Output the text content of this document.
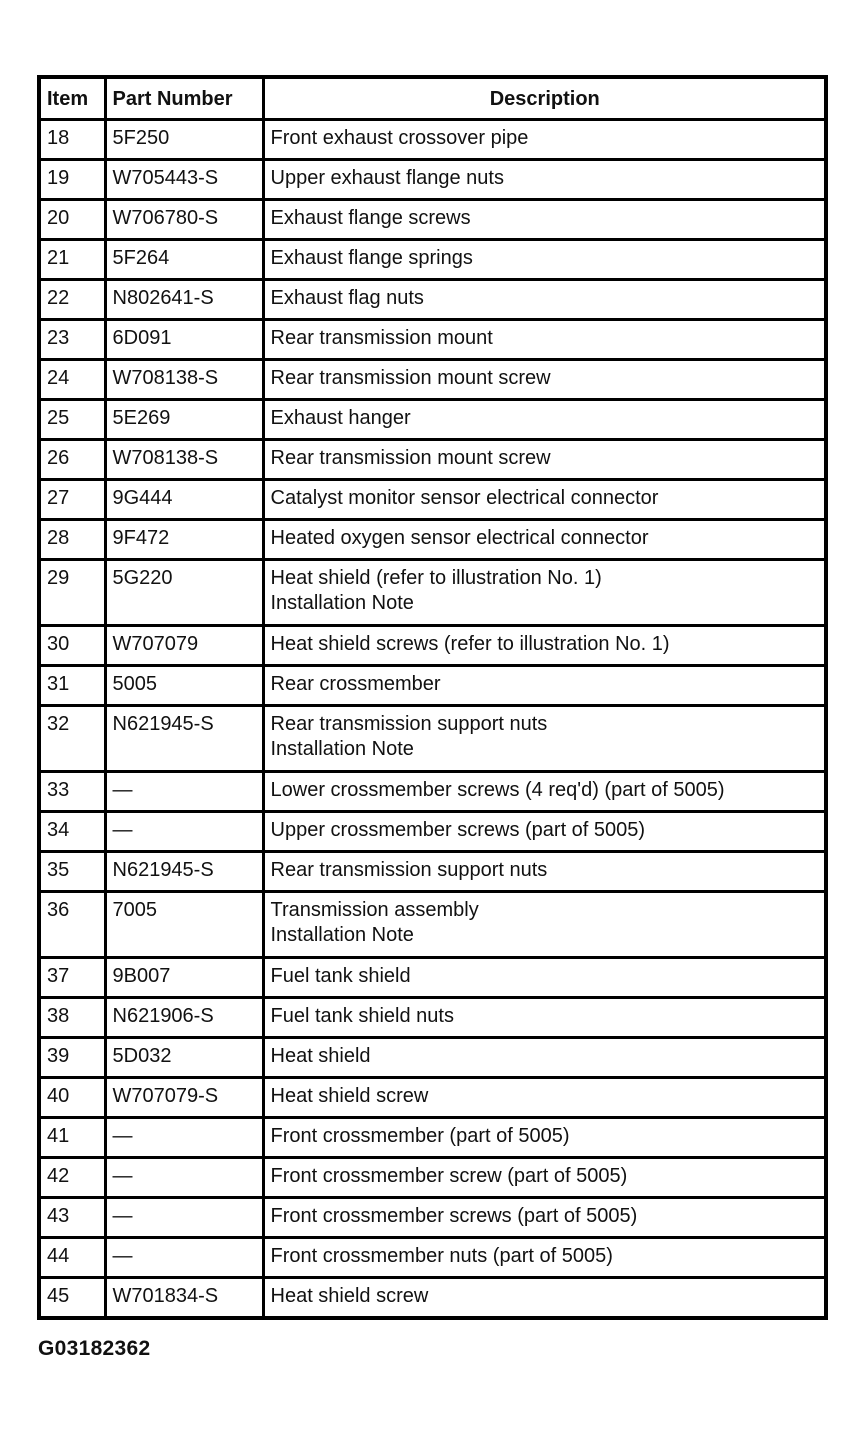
Item	Part Number	Description
18	5F250	Front exhaust crossover pipe

19	W705443-S	Upper exhaust flange nuts

20	W706780-S	Exhaust flange screws

21	5F264	Exhaust flange springs

22	N802641-S	Exhaust flag nuts

23	6D091	Rear transmission mount

24	W708138-S	Rear transmission mount screw

25	5E269	Exhaust hanger

26	W708138-S	Rear transmission mount screw

27	9G444	Catalyst monitor sensor electrical connector

28	9F472	Heated oxygen sensor electrical connector

29	5G220	Heat shield (refer to illustration No. 1)
Installation Note

30	W707079	Heat shield screws (refer to illustration No. 1)

31	5005	Rear crossmember

32	N621945-S	Rear transmission support nuts
Installation Note

33	—	Lower crossmember screws (4 req'd) (part of 5005)

34	—	Upper crossmember screws (part of 5005)

35	N621945-S	Rear transmission support nuts

36	7005	Transmission assembly
Installation Note

37	9B007	Fuel tank shield

38	N621906-S	Fuel tank shield nuts

39	5D032	Heat shield

40	W707079-S	Heat shield screw

41	—	Front crossmember (part of 5005)

42	—	Front crossmember screw (part of 5005)

43	—	Front crossmember screws (part of 5005)

44	—	Front crossmember nuts (part of 5005)

45	W701834-S	Heat shield screw
G03182362
